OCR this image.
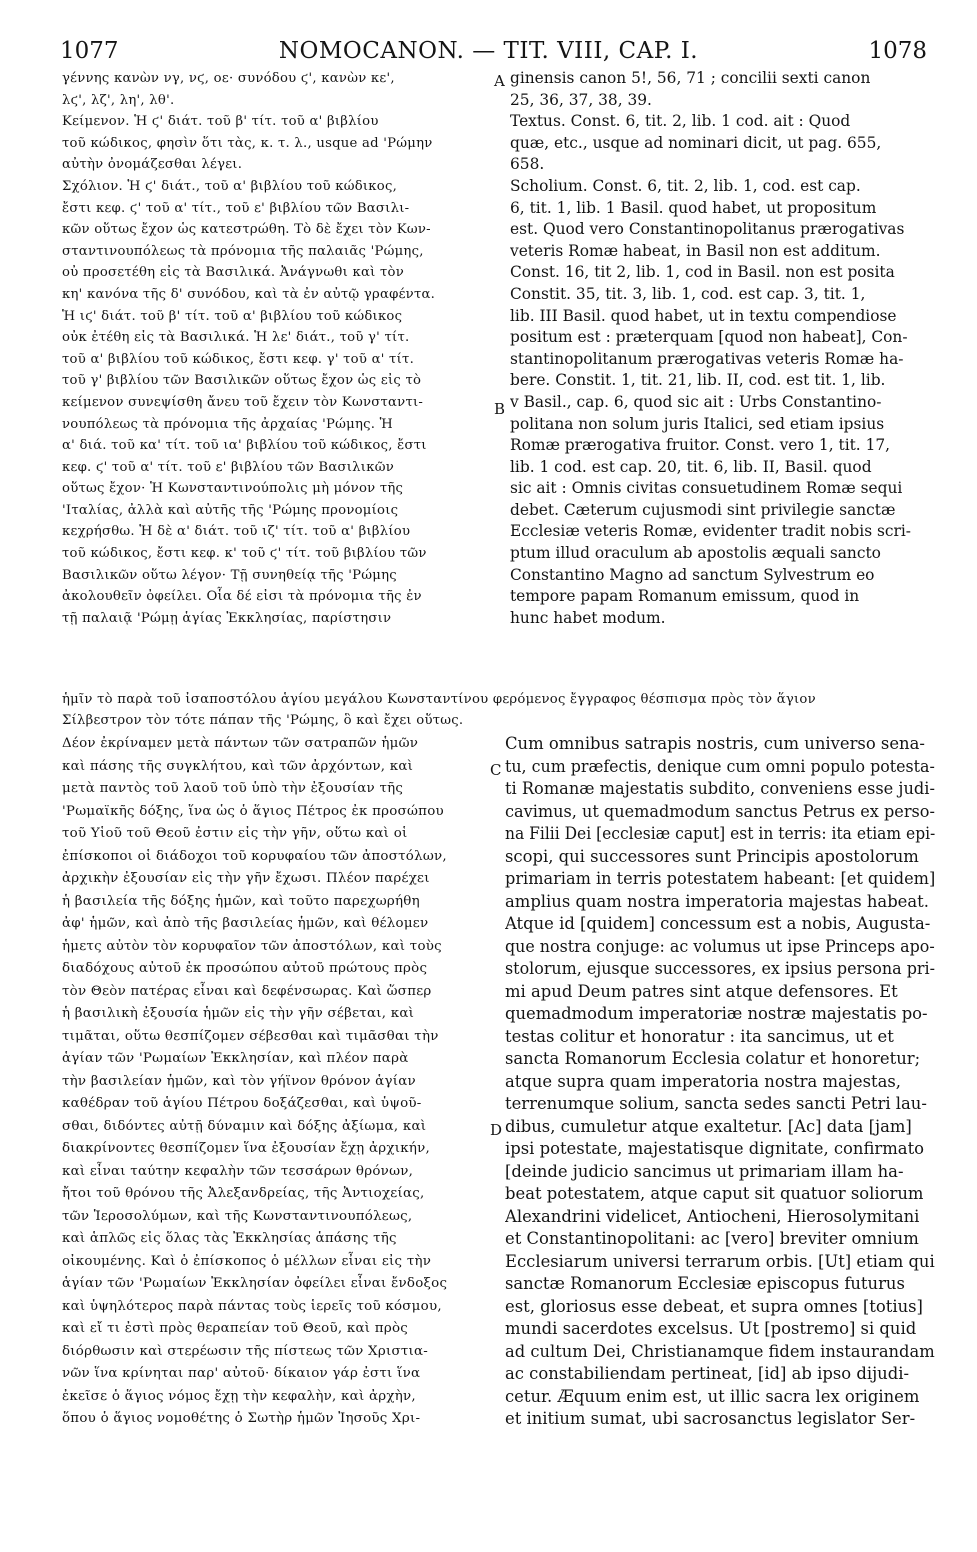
1077	NOMOCANON. — TIT. VIII, CAP. I.	1078
A
B
C
D
γέννης κανὼν νγ, νϛ, οε· συνόδου ϛ', κανὼν κε',
λϛ', λζ', λη', λθ'.
Κείμενον. Ἡ ϛ' διάτ. τοῦ β' τίτ. τοῦ α' βιβλίου
τοῦ κώδικος, φησὶν ὅτι τὰς, κ. τ. λ., usque ad 'Ρώμην
αὐτὴν ὀνομάζεσθαι λέγει.
Σχόλιον. Ἡ ϛ' διάτ., τοῦ α' βιβλίου τοῦ κώδικος,
ἔστι κεφ. ϛ' τοῦ α' τίτ., τοῦ ε' βιβλίου τῶν Βασιλι-
κῶν οὕτως ἔχον ὡς κατεστρώθη. Τὸ δὲ ἔχει τὸν Κων-
σταντινουπόλεως τὰ πρόνομια τῆς παλαιᾶς 'Ρώμης,
οὐ προσετέθη εἰς τὰ Βασιλικά. Ἀνάγνωθι καὶ τὸν
κη' κανόνα τῆς δ' συνόδου, καὶ τὰ ἐν αὐτῷ γραφέντα.
Ἡ ιϛ' διάτ. τοῦ β' τίτ. τοῦ α' βιβλίου τοῦ κώδικος
οὐκ ἐτέθη εἰς τὰ Βασιλικά. Ἡ λε' διάτ., τοῦ γ' τίτ.
τοῦ α' βιβλίου τοῦ κώδικος, ἔστι κεφ. γ' τοῦ α' τίτ.
τοῦ γ' βιβλίου τῶν Βασιλικῶν οὕτως ἔχον ὡς εἰς τὸ
κείμενον συνεψίσθη ἄνευ τοῦ ἔχειν τὸν Κωνσταντι-
νουπόλεως τὰ πρόνομια τῆς ἀρχαίας 'Ρώμης. Ἡ
α' διά. τοῦ κα' τίτ. τοῦ ια' βιβλίου τοῦ κώδικος, ἔστι
κεφ. ϛ' τοῦ α' τίτ. τοῦ ε' βιβλίου τῶν Βασιλικῶν
οὕτως ἔχον· Ἡ Κωνσταντινούπολις μὴ μόνον τῆς
'Ιταλίας, ἀλλὰ καὶ αὐτῆς τῆς 'Ρώμης προνομίοις
κεχρήσθω. Ἡ δὲ α' διάτ. τοῦ ιζ' τίτ. τοῦ α' βιβλίου
τοῦ κώδικος, ἔστι κεφ. κ' τοῦ ϛ' τίτ. τοῦ βιβλίου τῶν
Βασιλικῶν οὕτω λέγον· Τῇ συνηθείᾳ τῆς 'Ρώμης
ἀκολουθεῖν ὀφείλει. Οἷα δέ εἰσι τὰ πρόνομια τῆς ἐν
τῇ παλαιᾷ 'Ρώμῃ ἁγίας Ἐκκλησίας, παρίστησιν
ginensis canon 5!, 56, 71 ; concilii sexti canon
25, 36, 37, 38, 39.
Textus. Const. 6, tit. 2, lib. 1 cod. ait : Quod
quæ, etc., usque ad nominari dicit, ut pag. 655,
658.
Scholium. Const. 6, tit. 2, lib. 1, cod. est cap.
6, tit. 1, lib. 1 Basil. quod habet, ut propositum
est. Quod vero Constantinopolitanus prærogativas
veteris Romæ habeat, in Basil non est additum.
Const. 16, tit 2, lib. 1, cod in Basil. non est posita
Constit. 35, tit. 3, lib. 1, cod. est cap. 3, tit. 1,
lib. III Basil. quod habet, ut in textu compendiose
positum est : præterquam [quod non habeat], Con-
stantinopolitanum prærogativas veteris Romæ ha-
bere. Constit. 1, tit. 21, lib. II, cod. est tit. 1, lib.
v Basil., cap. 6, quod sic ait : Urbs Constantino-
politana non solum juris Italici, sed etiam ipsius
Romæ prærogativa fruitor. Const. vero 1, tit. 17,
lib. 1 cod. est cap. 20, tit. 6, lib. II, Basil. quod
sic ait : Omnis civitas consuetudinem Romæ sequi
debet. Cæterum cujusmodi sint privilegie sanctæ
Ecclesiæ veteris Romæ, evidenter tradit nobis scri-
ptum illud oraculum ab apostolis æquali sancto
Constantino Magno ad sanctum Sylvestrum eo
tempore papam Romanum emissum, quod in
hunc habet modum.
ἡμῖν τὸ παρὰ τοῦ ἰσαποστόλου ἁγίου μεγάλου Κωνσταντίνου φερόμενος ἔγγραφος θέσπισμα πρὸς τὸν ἅγιον
Σίλβεστρον τὸν τότε πάπαν τῆς 'Ρώμης, ὃ καὶ ἔχει οὕτως.
Δέον ἐκρίναμεν μετὰ πάντων τῶν σατραπῶν ἡμῶν
καὶ πάσης τῆς συγκλήτου, καὶ τῶν ἀρχόντων, καὶ
μετὰ παντὸς τοῦ λαοῦ τοῦ ὑπὸ τὴν ἐξουσίαν τῆς
'Ρωμαϊκῆς δόξης, ἵνα ὡς ὁ ἅγιος Πέτρος ἐκ προσώπου
τοῦ Υἱοῦ τοῦ Θεοῦ ἐστιν εἰς τὴν γῆν, οὕτω καὶ οἱ
ἐπίσκοποι οἱ διάδοχοι τοῦ κορυφαίου τῶν ἀποστόλων,
ἀρχικὴν ἐξουσίαν εἰς τὴν γῆν ἔχωσι. Πλέον παρέχει
ἡ βασιλεία τῆς δόξης ἡμῶν, καὶ τοῦτο παρεχωρήθη
ἀφ' ἡμῶν, καὶ ἀπὸ τῆς βασιλείας ἡμῶν, καὶ θέλομεν
ἡμετς αὐτὸν τὸν κορυφαῖον τῶν ἀποστόλων, καὶ τοὺς
διαδόχους αὐτοῦ ἐκ προσώπου αὐτοῦ πρώτους πρὸς
τὸν Θεὸν πατέρας εἶναι καὶ δεφένσωρας. Καὶ ὥσπερ
ἡ βασιλικὴ ἐξουσία ἡμῶν εἰς τὴν γῆν σέβεται, καὶ
τιμᾶται, οὕτω θεσπίζομεν σέβεσθαι καὶ τιμᾶσθαι τὴν
ἁγίαν τῶν 'Ρωμαίων Ἐκκλησίαν, καὶ πλέον παρὰ
τὴν βασιλείαν ἡμῶν, καὶ τὸν γήϊνον θρόνον ἁγίαν
καθέδραν τοῦ ἁγίου Πέτρου δοξάζεσθαι, καὶ ὑψοῦ-
σθαι, διδόντες αὐτῇ δύναμιν καὶ δόξης ἀξίωμα, καὶ
διακρίνοντες θεσπίζομεν ἵνα ἐξουσίαν ἔχῃ ἀρχικήν,
καὶ εἶναι ταύτην κεφαλὴν τῶν τεσσάρων θρόνων,
ἤτοι τοῦ θρόνου τῆς Ἀλεξανδρείας, τῆς Ἀντιοχείας,
τῶν Ἱεροσολύμων, καὶ τῆς Κωνσταντινουπόλεως,
καὶ ἁπλῶς εἰς ὅλας τὰς Ἐκκλησίας ἁπάσης τῆς
οἰκουμένης. Καὶ ὁ ἐπίσκοπος ὁ μέλλων εἶναι εἰς τὴν
ἁγίαν τῶν 'Ρωμαίων Ἐκκλησίαν ὀφείλει εἶναι ἔνδοξος
καὶ ὑψηλότερος παρὰ πάντας τοὺς ἱερεῖς τοῦ κόσμου,
καὶ εἴ τι ἐστὶ πρὸς θεραπείαν τοῦ Θεοῦ, καὶ πρὸς
διόρθωσιν καὶ στερέωσιν τῆς πίστεως τῶν Χριστια-
νῶν ἵνα κρίνηται παρ' αὐτοῦ· δίκαιον γάρ ἐστι ἵνα
ἐκεῖσε ὁ ἅγιος νόμος ἔχῃ τὴν κεφαλὴν, καὶ ἀρχὴν,
ὅπου ὁ ἅγιος νομοθέτης ὁ Σωτὴρ ἡμῶν Ἰησοῦς Χρι-
Cum omnibus satrapis nostris, cum universo sena-
tu, cum præfectis, denique cum omni populo potesta-
ti Romanæ majestatis subdito, conveniens esse judi-
cavimus, ut quemadmodum sanctus Petrus ex perso-
na Filii Dei [ecclesiæ caput] est in terris: ita etiam epi-
scopi, qui successores sunt Principis apostolorum
primariam in terris potestatem habeant: [et quidem]
amplius quam nostra imperatoria majestas habeat.
Atque id [quidem] concessum est a nobis, Augusta-
que nostra conjuge: ac volumus ut ipse Princeps apo-
stolorum, ejusque successores, ex ipsius persona pri-
mi apud Deum patres sint atque defensores. Et
quemadmodum imperatoriæ nostræ majestatis po-
testas colitur et honoratur : ita sancimus, ut et
sancta Romanorum Ecclesia colatur et honoretur;
atque supra quam imperatoria nostra majestas,
terrenumque solium, sancta sedes sancti Petri lau-
dibus, cumuletur atque exaltetur. [Ac] data [jam]
ipsi potestate, majestatisque dignitate, confirmato
[deinde judicio sancimus ut primariam illam ha-
beat potestatem, atque caput sit quatuor soliorum
Alexandrini videlicet, Antiocheni, Hierosolymitani
et Constantinopolitani: ac [vero] breviter omnium
Ecclesiarum universi terrarum orbis. [Ut] etiam qui
sanctæ Romanorum Ecclesiæ episcopus futurus
est, gloriosus esse debeat, et supra omnes [totius]
mundi sacerdotes excelsus. Ut [postremo] si quid
ad cultum Dei, Christianamque fidem instaurandam
ac constabiliendam pertineat, [id] ab ipso dijudi-
cetur. Æquum enim est, ut illic sacra lex originem
et initium sumat, ubi sacrosanctus legislator Ser-
